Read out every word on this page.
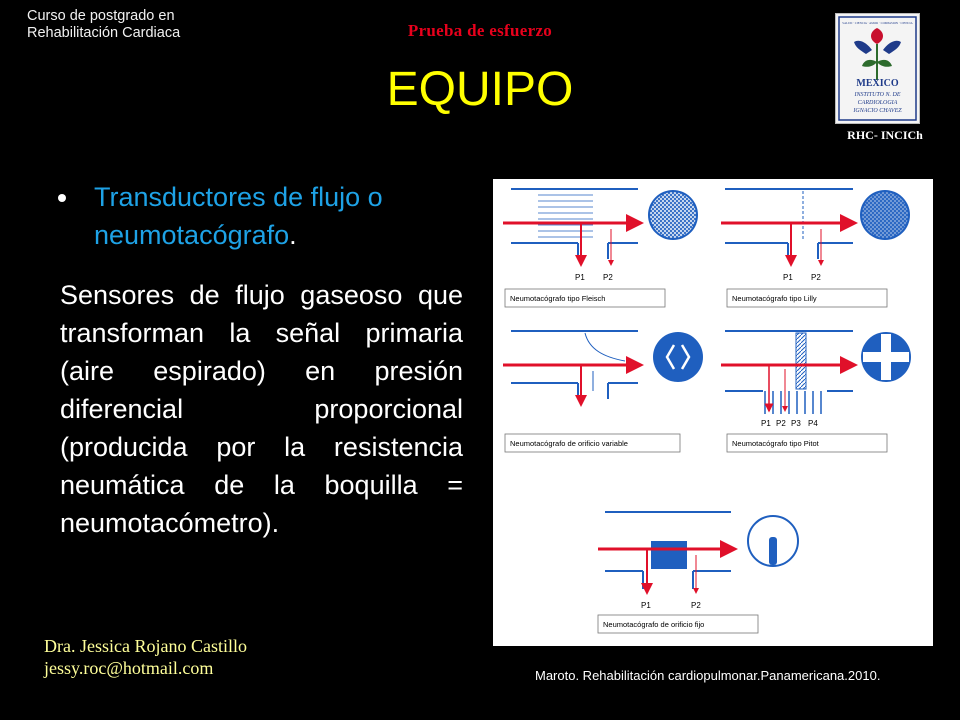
Curso de postgrado en
Rehabilitación Cardiaca	Prueba de esfuerzo
EQUIPO
SALUD · CIENCIA · AMOR · COMPASION · CIENCIA
MEXICO
INSTITUTO N. DE
CARDIOLOGIA
IGNACIO CHAVEZ
RHC- INCICh
Transductores de flujo o neumotacógrafo.
Sensores de flujo gaseoso que transforman la señal primaria (aire espirado) en presión diferencial proporcional (producida por la resistencia neumática de la boquilla = neumotacómetro).
P1 P2
Neumotacógrafo tipo Fleisch
P1 P2
Neumotacógrafo tipo Lilly
Neumotacógrafo de orificio variable
P1 P2 P3 P4
Neumotacógrafo tipo Pitot
P1	P2
Neumotacógrafo de orificio fijo
Dra. Jessica Rojano Castillo
jessy.roc@hotmail.com	Maroto. Rehabilitación cardiopulmonar.Panamericana.2010.
